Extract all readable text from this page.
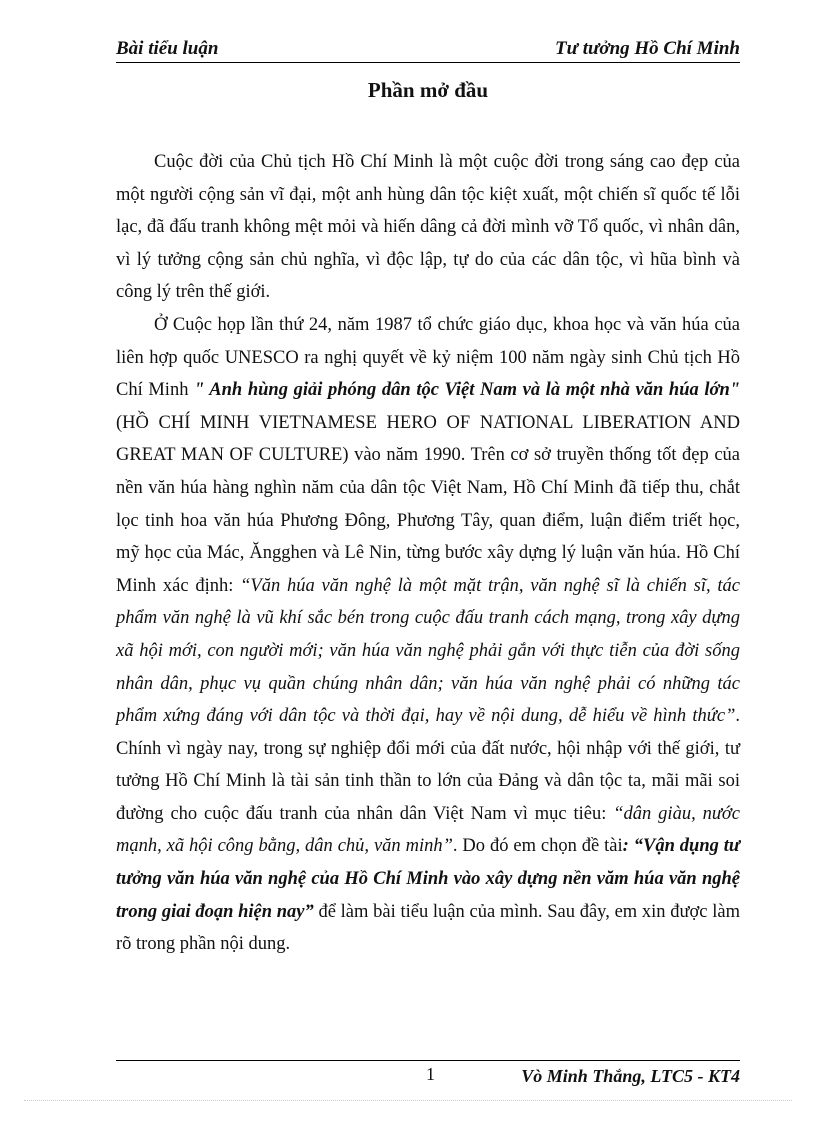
Bài tiểu luận	Tư tưởng Hồ Chí Minh
Phần mở đầu

Cuộc đời của Chủ tịch Hồ Chí Minh là một cuộc đời trong sáng cao đẹp của một người cộng sản vĩ đại, một anh hùng dân tộc kiệt xuất, một chiến sĩ quốc tế lỗi lạc, đã đấu tranh không mệt mỏi và hiến dâng cả đời mình vỡ Tổ quốc, vì nhân dân, vì lý tưởng cộng sản chủ nghĩa, vì độc lập, tự do của các dân tộc, vì hũa bình và công lý trên thế giới.

Ở Cuộc họp lần thứ 24, năm 1987 tổ chức giáo dục, khoa học và văn húa của liên hợp quốc UNESCO ra nghị quyết về kỷ niệm 100 năm ngày sinh Chủ tịch Hồ Chí Minh " Anh hùng giải phóng dân tộc Việt Nam và là một nhà văn húa lớn" (HỒ CHÍ MINH VIETNAMESE HERO OF NATIONAL LIBERATION AND GREAT MAN OF CULTURE) vào năm 1990. Trên cơ sở truyền thống tốt đẹp của nền văn húa hàng nghìn năm của dân tộc Việt Nam, Hồ Chí Minh đã tiếp thu, chắt lọc tinh hoa văn húa Phương Đông, Phương Tây, quan điểm, luận điểm triết học, mỹ học của Mác, Ăngghen và Lê Nin, từng bước xây dựng lý luận văn húa. Hồ Chí Minh xác định: “Văn húa văn nghệ là một mặt trận, văn nghệ sĩ là chiến sĩ, tác phẩm văn nghệ là vũ khí sắc bén trong cuộc đấu tranh cách mạng, trong xây dựng xã hội mới, con người mới; văn húa văn nghệ phải gắn với thực tiễn của đời sống nhân dân, phục vụ quần chúng nhân dân; văn húa văn nghệ phải có những tác phẩm xứng đáng với dân tộc và thời đại, hay về nội dung, dễ hiểu về hình thức”. Chính vì ngày nay, trong sự nghiệp đổi mới của đất nước, hội nhập với thế giới, tư tưởng Hồ Chí Minh là tài sản tinh thần to lớn của Đảng và dân tộc ta, mãi mãi soi đường cho cuộc đấu tranh của nhân dân Việt Nam vì mục tiêu: “dân giàu, nước mạnh, xã hội công bằng, dân chủ, văn minh”. Do đó em chọn đề tài: “Vận dụng tư tưởng văn húa văn nghệ của Hồ Chí Minh vào xây dựng nền văm húa văn nghệ trong giai đoạn hiện nay” để làm bài tiểu luận của mình. Sau đây, em xin được làm rõ trong phần nội dung.

1	Vò Minh Thắng, LTC5 - KT4
